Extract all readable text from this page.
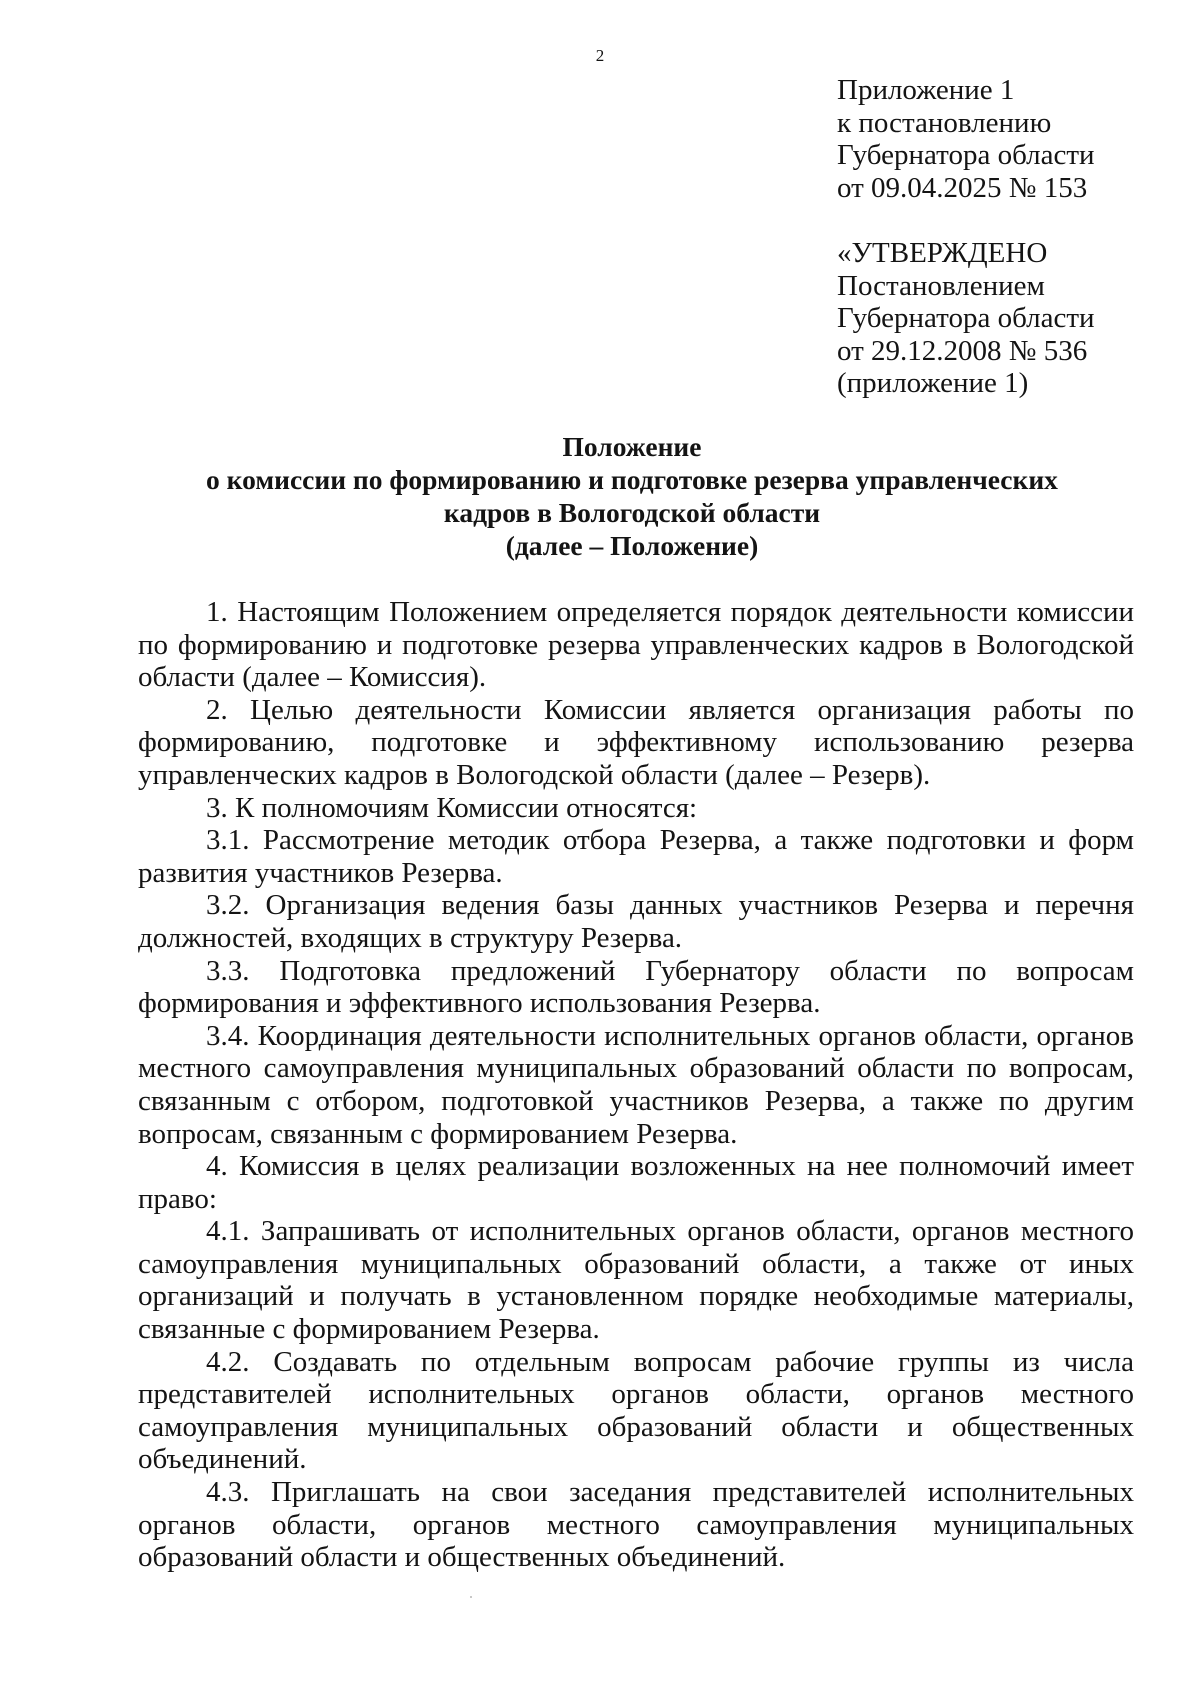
2
Приложение 1
к постановлению
Губернатора области
от 09.04.2025 № 153
«УТВЕРЖДЕНО
Постановлением
Губернатора области
от 29.12.2008 № 536
(приложение 1)
Положение
о комиссии по формированию и подготовке резерва управленческих
кадров в Вологодской области
(далее – Положение)

1. Настоящим Положением определяется порядок деятельности комиссии по формированию и подготовке резерва управленческих кадров в Вологодской области (далее – Комиссия).

2. Целью деятельности Комиссии является организация работы по формированию, подготовке и эффективному использованию резерва управленческих кадров в Вологодской области (далее – Резерв).

3. К полномочиям Комиссии относятся:

3.1. Рассмотрение методик отбора Резерва, а также подготовки и форм развития участников Резерва.

3.2. Организация ведения базы данных участников Резерва и перечня должностей, входящих в структуру Резерва.

3.3. Подготовка предложений Губернатору области по вопросам формирования и эффективного использования Резерва.

3.4. Координация деятельности исполнительных органов области, органов местного самоуправления муниципальных образований области по вопросам, связанным с отбором, подготовкой участников Резерва, а также по другим вопросам, связанным с формированием Резерва.

4. Комиссия в целях реализации возложенных на нее полномочий имеет право:

4.1. Запрашивать от исполнительных органов области, органов местного самоуправления муниципальных образований области, а также от иных организаций и получать в установленном порядке необходимые материалы, связанные с формированием Резерва.

4.2. Создавать по отдельным вопросам рабочие группы из числа представителей исполнительных органов области, органов местного самоуправления муниципальных образований области и общественных объединений.

4.3. Приглашать на свои заседания представителей исполнительных органов области, органов местного самоуправления муниципальных образований области и общественных объединений.
